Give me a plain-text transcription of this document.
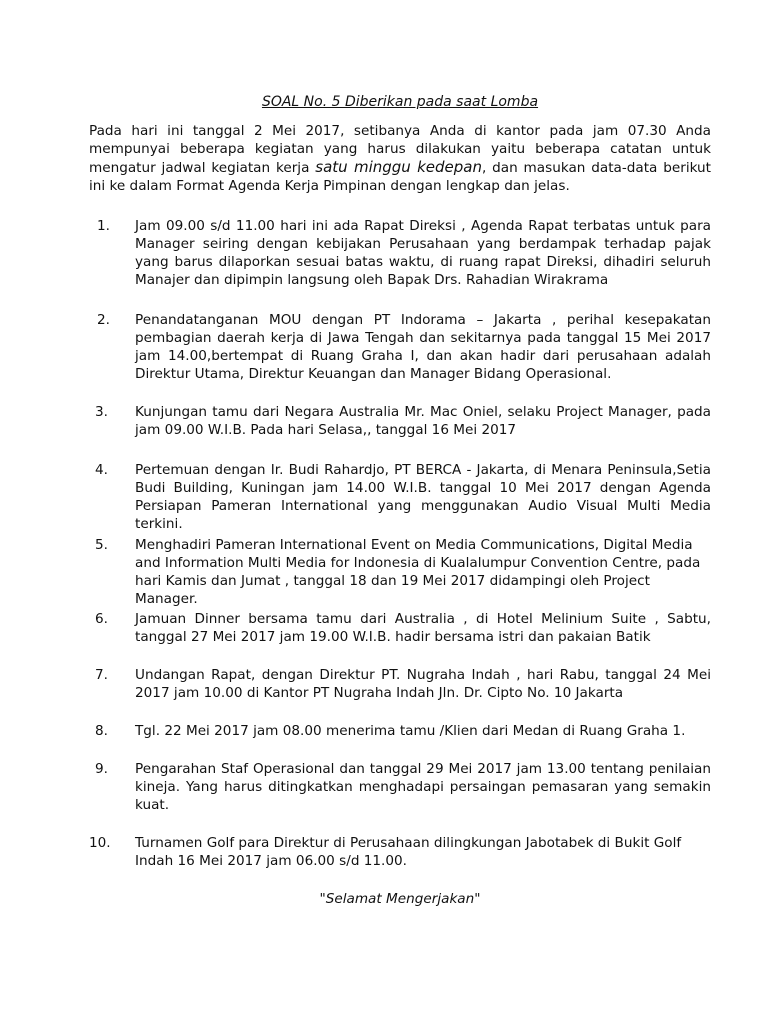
SOAL No. 5 Diberikan pada saat Lomba

Pada hari ini tanggal 2 Mei 2017, setibanya Anda di kantor pada jam 07.30 Anda mempunyai beberapa kegiatan yang harus dilakukan yaitu beberapa catatan untuk mengatur jadwal kegiatan kerja satu minggu kedepan, dan masukan data-data berikut ini ke dalam Format Agenda Kerja Pimpinan dengan lengkap dan jelas.

1.	Jam 09.00 s/d 11.00 hari ini ada Rapat Direksi , Agenda Rapat terbatas untuk para Manager seiring dengan kebijakan Perusahaan yang berdampak terhadap pajak yang barus dilaporkan sesuai batas waktu, di ruang rapat Direksi, dihadiri seluruh Manajer dan dipimpin langsung oleh Bapak Drs. Rahadian Wirakrama

2.	Penandatanganan MOU dengan PT Indorama – Jakarta , perihal kesepakatan pembagian daerah kerja di Jawa Tengah dan sekitarnya pada tanggal 15 Mei 2017 jam 14.00,bertempat di Ruang Graha I, dan akan hadir dari perusahaan adalah Direktur Utama, Direktur Keuangan dan Manager Bidang Operasional.

3.	Kunjungan tamu dari Negara Australia Mr. Mac Oniel, selaku Project Manager, pada jam 09.00 W.I.B. Pada hari Selasa,, tanggal 16 Mei 2017

4.	Pertemuan dengan Ir. Budi Rahardjo, PT BERCA - Jakarta, di Menara Peninsula,Setia Budi Building, Kuningan jam 14.00 W.I.B. tanggal 10 Mei 2017 dengan Agenda Persiapan Pameran International yang menggunakan Audio Visual Multi Media terkini.

5.	Menghadiri Pameran International Event on Media Communications, Digital Media and Information Multi Media for Indonesia di Kualalumpur Convention Centre, pada hari Kamis dan Jumat , tanggal 18 dan 19 Mei 2017 didampingi oleh Project Manager.

6.	Jamuan Dinner bersama tamu dari Australia , di Hotel Melinium Suite , Sabtu, tanggal 27 Mei 2017 jam 19.00 W.I.B. hadir bersama istri dan pakaian Batik

7.	Undangan Rapat, dengan Direktur PT. Nugraha Indah , hari Rabu, tanggal 24 Mei 2017 jam 10.00 di Kantor PT Nugraha Indah Jln. Dr. Cipto No. 10 Jakarta

8.	Tgl. 22 Mei 2017 jam 08.00 menerima tamu /Klien dari Medan di Ruang Graha 1.

9.	Pengarahan Staf Operasional dan tanggal 29 Mei 2017 jam 13.00 tentang penilaian kineja. Yang harus ditingkatkan menghadapi persaingan pemasaran yang semakin kuat.

10.	Turnamen Golf para Direktur di Perusahaan dilingkungan Jabotabek di Bukit Golf Indah 16 Mei 2017 jam 06.00 s/d 11.00.

"Selamat Mengerjakan"
